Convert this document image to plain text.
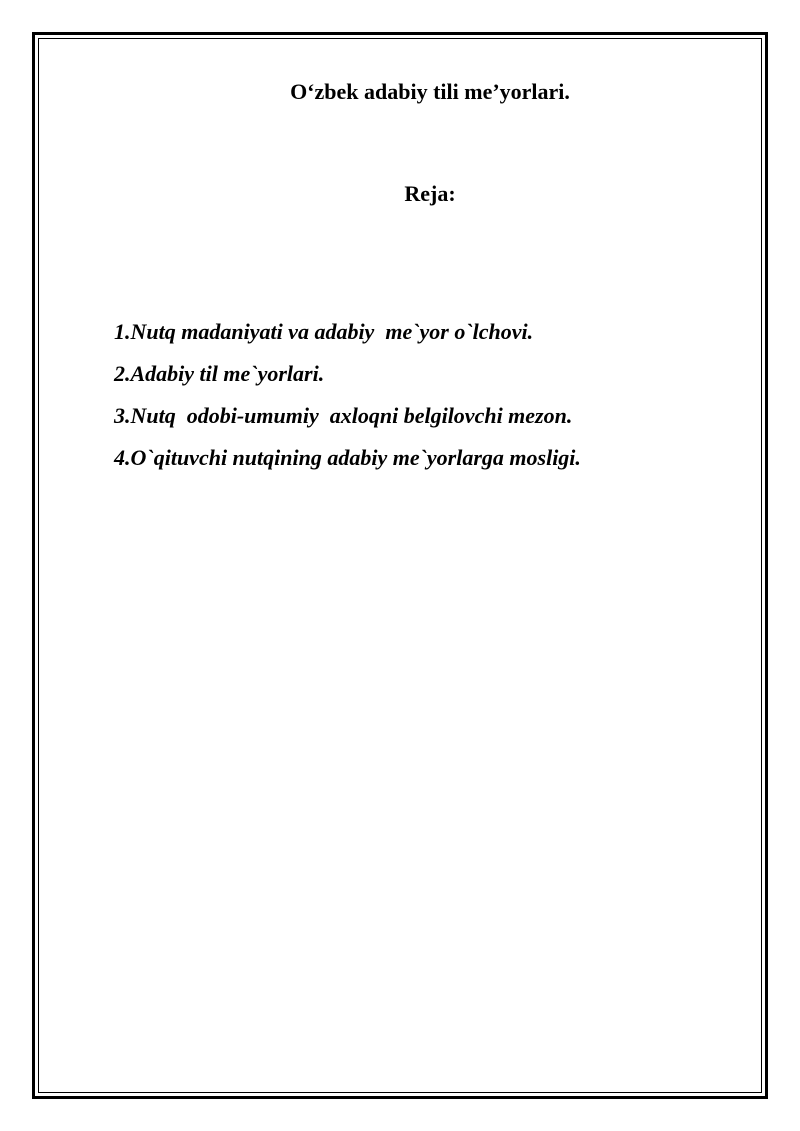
O‘zbek adabiy tili me’yorlari.
Reja:
1.Nutq madaniyati va adabiy  me`yor o`lchovi.
2.Adabiy til me`yorlari.
3.Nutq  odobi-umumiy  axloqni belgilovchi mezon.
4.O`qituvchi nutqining adabiy me`yorlarga mosligi.
